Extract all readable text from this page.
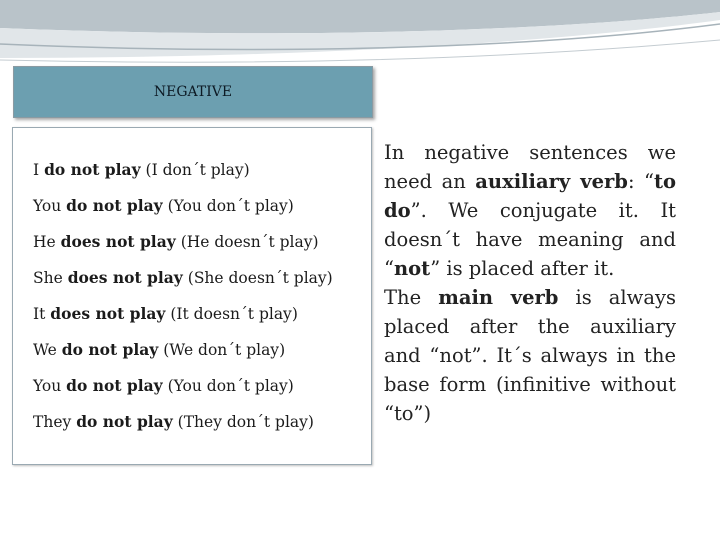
NEGATIVE

I do not play (I don´t play)

You do not play (You don´t play)

He does not play (He doesn´t play)

She does not play (She doesn´t play)

It does not play (It doesn´t play)

We do not play (We don´t play)

You do not play (You don´t play)

They do not play (They don´t play)

In negative sentences we need an auxiliary verb: “to do”. We conjugate it. It doesn´t have meaning and “not” is placed after it.
The main verb is always placed after the auxiliary and “not”. It´s always in the base form (infinitive without “to”)
